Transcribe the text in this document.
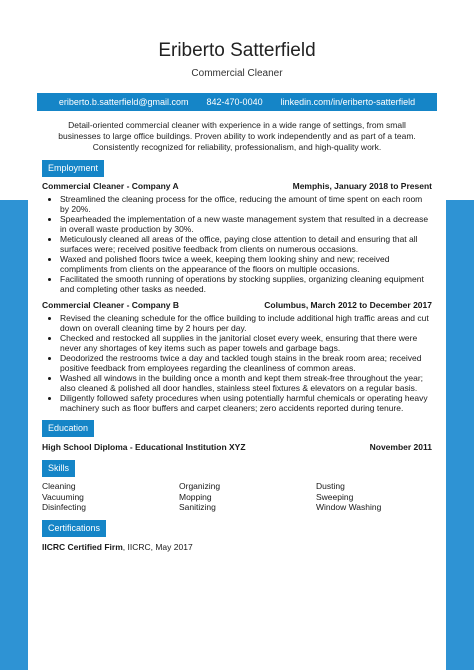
Eriberto Satterfield
Commercial Cleaner
eriberto.b.satterfield@gmail.com 842-470-0040 linkedin.com/in/eriberto-satterfield
Detail-oriented commercial cleaner with experience in a wide range of settings, from small businesses to large office buildings. Proven ability to work independently and as part of a team. Consistently recognized for reliability, professionalism, and high-quality work.
Employment
Commercial Cleaner - Company A	Memphis, January 2018 to Present
• Streamlined the cleaning process for the office, reducing the amount of time spent on each room by 20%.
• Spearheaded the implementation of a new waste management system that resulted in a decrease in overall waste production by 30%.
• Meticulously cleaned all areas of the office, paying close attention to detail and ensuring that all surfaces were; received positive feedback from clients on numerous occasions.
• Waxed and polished floors twice a week, keeping them looking shiny and new; received compliments from clients on the appearance of the floors on multiple occasions.
• Facilitated the smooth running of operations by stocking supplies, organizing cleaning equipment and completing other tasks as needed.
Commercial Cleaner - Company B	Columbus, March 2012 to December 2017
• Revised the cleaning schedule for the office building to include additional high traffic areas and cut down on overall cleaning time by 2 hours per day.
• Checked and restocked all supplies in the janitorial closet every week, ensuring that there were never any shortages of key items such as paper towels and garbage bags.
• Deodorized the restrooms twice a day and tackled tough stains in the break room area; received positive feedback from employees regarding the cleanliness of common areas.
• Washed all windows in the building once a month and kept them streak-free throughout the year; also cleaned & polished all door handles, stainless steel fixtures & elevators on a regular basis.
• Diligently followed safety procedures when using potentially harmful chemicals or operating heavy machinery such as floor buffers and carpet cleaners; zero accidents reported during tenure.
Education
High School Diploma - Educational Institution XYZ	November 2011
Skills
Cleaning	Organizing	Dusting
Vacuuming	Mopping	Sweeping
Disinfecting	Sanitizing	Window Washing
Certifications
IICRC Certified Firm, IICRC, May 2017
